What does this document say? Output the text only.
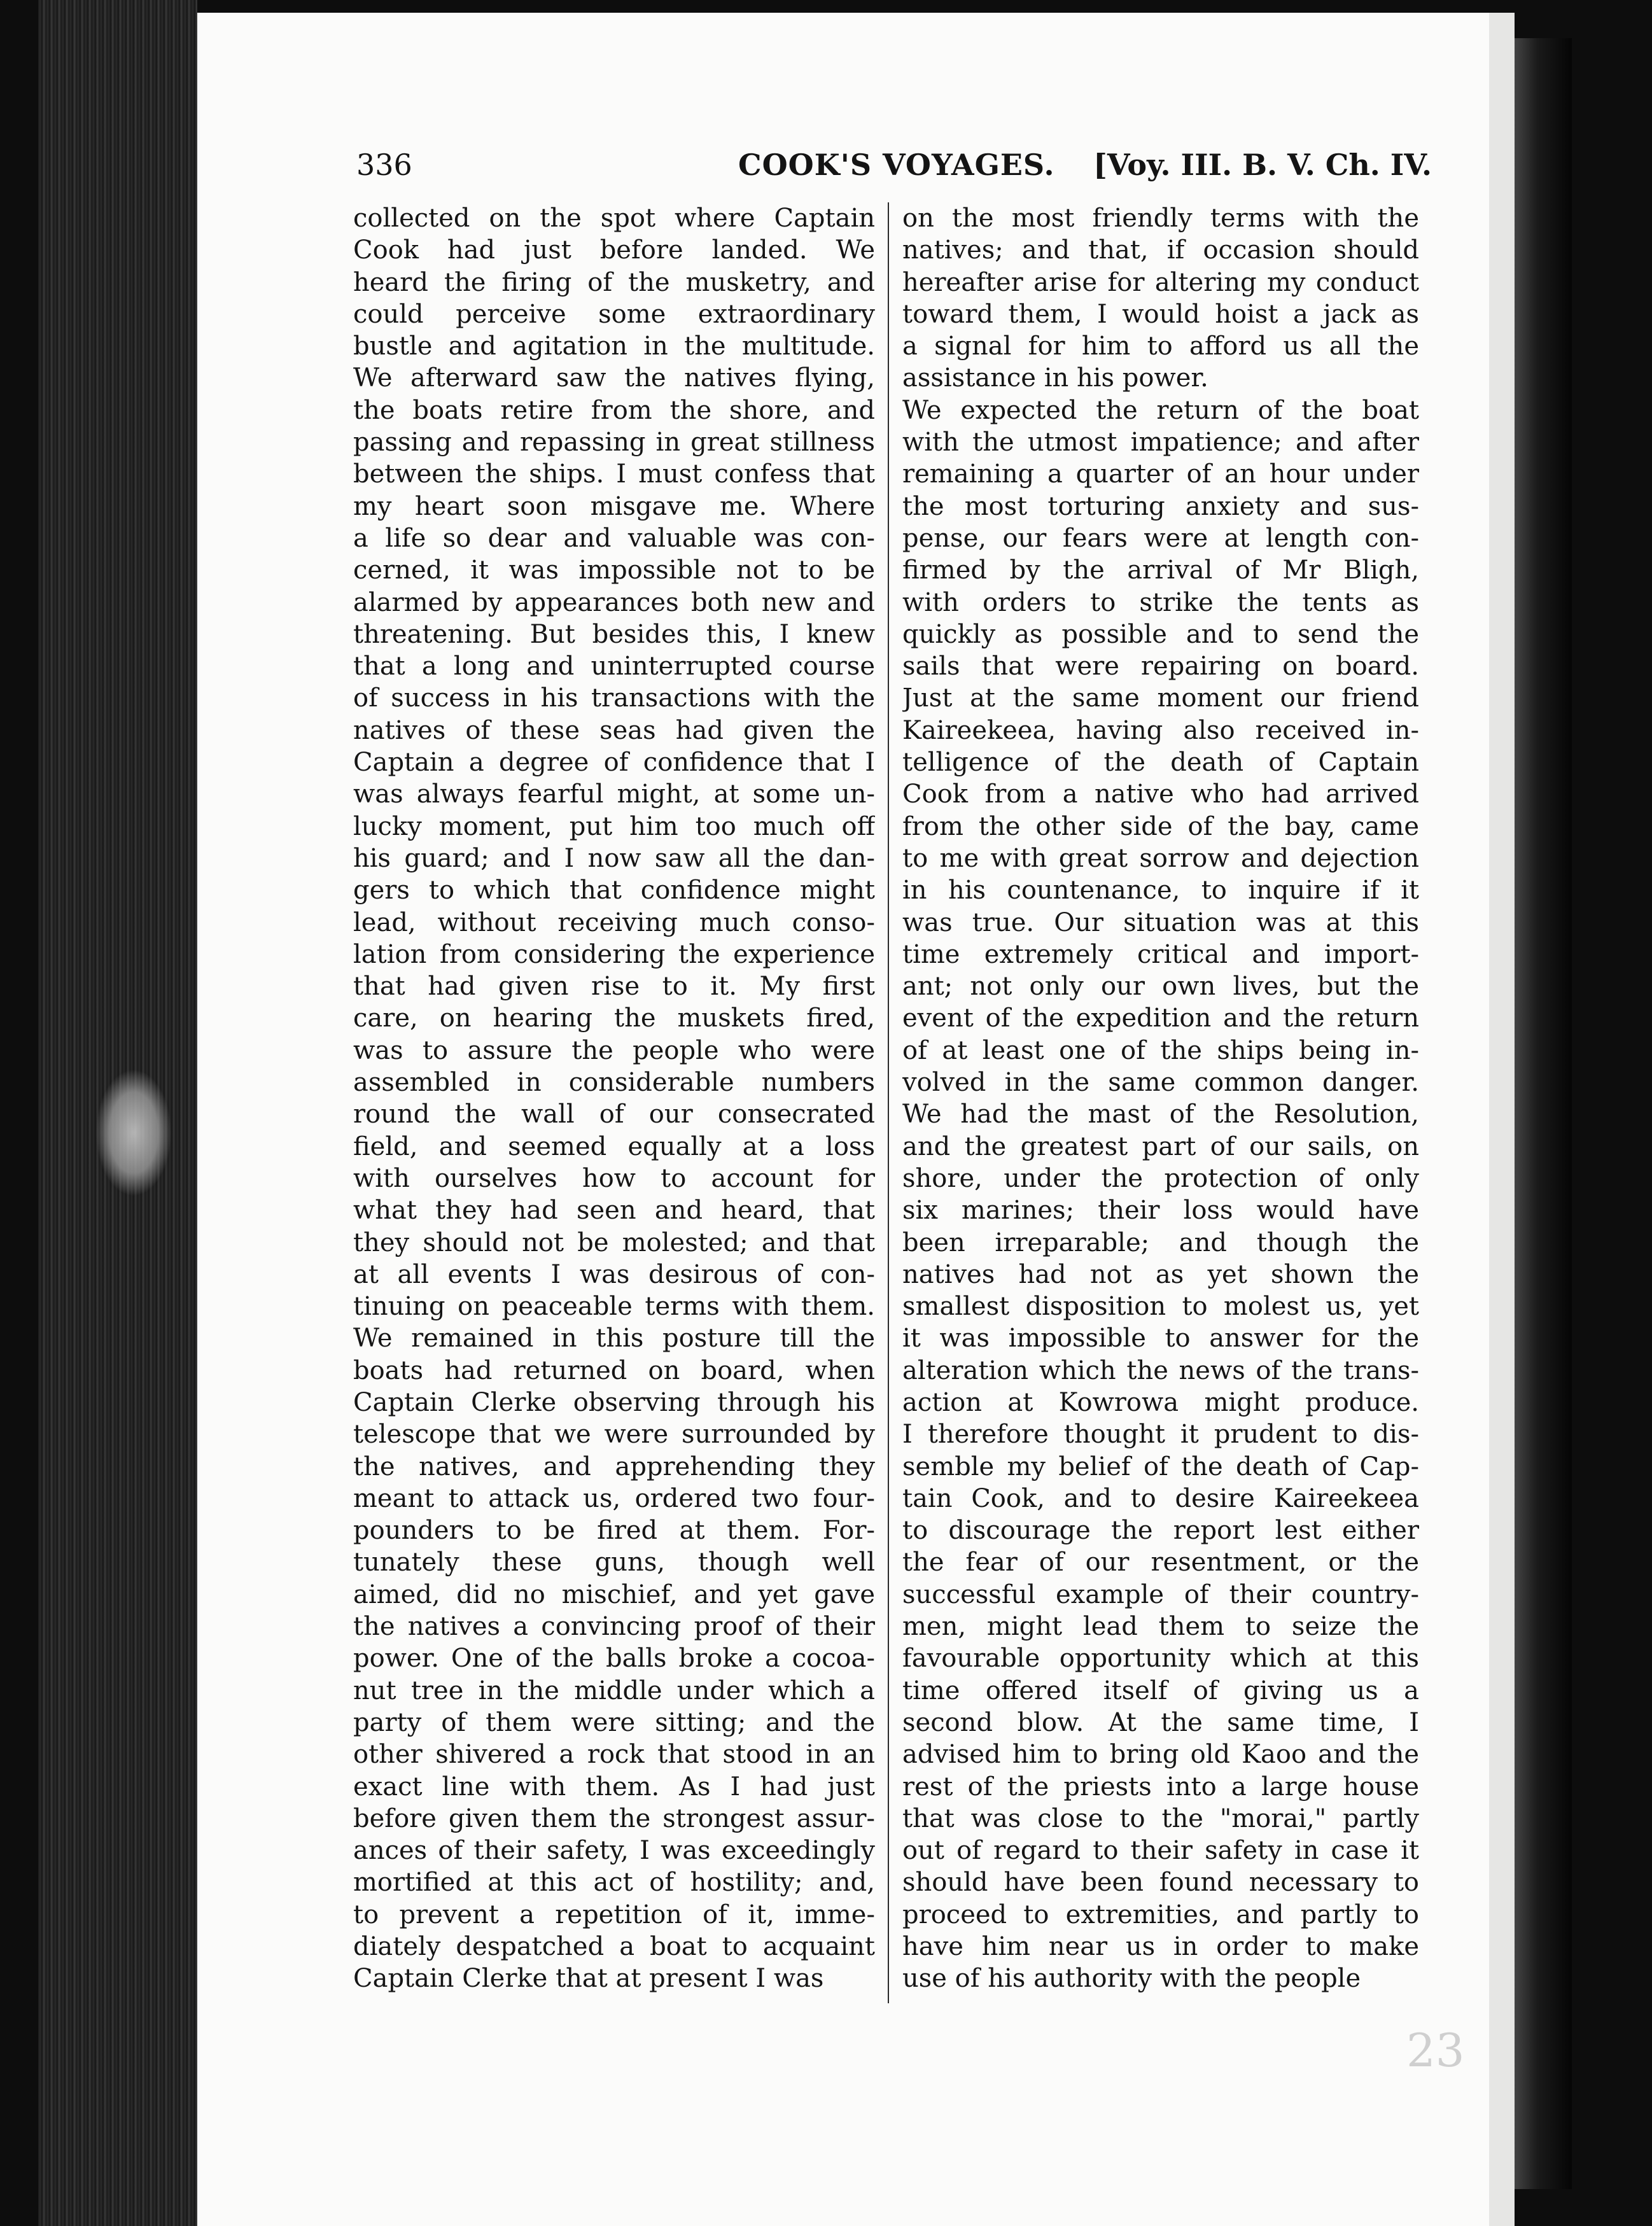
336	COOK'S VOYAGES. [Voy. III. B. V. Ch. IV.
collected on the spot where Captain
Cook had just before landed. We
heard the firing of the musketry, and
could perceive some extraordinary
bustle and agitation in the multitude.
We afterward saw the natives flying,
the boats retire from the shore, and
passing and repassing in great stillness
between the ships. I must confess that
my heart soon misgave me. Where
a life so dear and valuable was con-
cerned, it was impossible not to be
alarmed by appearances both new and
threatening. But besides this, I knew
that a long and uninterrupted course
of success in his transactions with the
natives of these seas had given the
Captain a degree of confidence that I
was always fearful might, at some un-
lucky moment, put him too much off
his guard; and I now saw all the dan-
gers to which that confidence might
lead, without receiving much conso-
lation from considering the experience
that had given rise to it. My first
care, on hearing the muskets fired,
was to assure the people who were
assembled in considerable numbers
round the wall of our consecrated
field, and seemed equally at a loss
with ourselves how to account for
what they had seen and heard, that
they should not be molested; and that
at all events I was desirous of con-
tinuing on peaceable terms with them.
We remained in this posture till the
boats had returned on board, when
Captain Clerke observing through his
telescope that we were surrounded by
the natives, and apprehending they
meant to attack us, ordered two four-
pounders to be fired at them. For-
tunately these guns, though well
aimed, did no mischief, and yet gave
the natives a convincing proof of their
power. One of the balls broke a cocoa-
nut tree in the middle under which a
party of them were sitting; and the
other shivered a rock that stood in an
exact line with them. As I had just
before given them the strongest assur-
ances of their safety, I was exceedingly
mortified at this act of hostility; and,
to prevent a repetition of it, imme-
diately despatched a boat to acquaint
Captain Clerke that at present I was
on the most friendly terms with the
natives; and that, if occasion should
hereafter arise for altering my conduct
toward them, I would hoist a jack as
a signal for him to afford us all the
assistance in his power.
We expected the return of the boat
with the utmost impatience; and after
remaining a quarter of an hour under
the most torturing anxiety and sus-
pense, our fears were at length con-
firmed by the arrival of Mr Bligh,
with orders to strike the tents as
quickly as possible and to send the
sails that were repairing on board.
Just at the same moment our friend
Kaireekeea, having also received in-
telligence of the death of Captain
Cook from a native who had arrived
from the other side of the bay, came
to me with great sorrow and dejection
in his countenance, to inquire if it
was true. Our situation was at this
time extremely critical and import-
ant; not only our own lives, but the
event of the expedition and the return
of at least one of the ships being in-
volved in the same common danger.
We had the mast of the Resolution,
and the greatest part of our sails, on
shore, under the protection of only
six marines; their loss would have
been irreparable; and though the
natives had not as yet shown the
smallest disposition to molest us, yet
it was impossible to answer for the
alteration which the news of the trans-
action at Kowrowa might produce.
I therefore thought it prudent to dis-
semble my belief of the death of Cap-
tain Cook, and to desire Kaireekeea
to discourage the report lest either
the fear of our resentment, or the
successful example of their country-
men, might lead them to seize the
favourable opportunity which at this
time offered itself of giving us a
second blow. At the same time, I
advised him to bring old Kaoo and the
rest of the priests into a large house
that was close to the "morai," partly
out of regard to their safety in case it
should have been found necessary to
proceed to extremities, and partly to
have him near us in order to make
use of his authority with the people
23
